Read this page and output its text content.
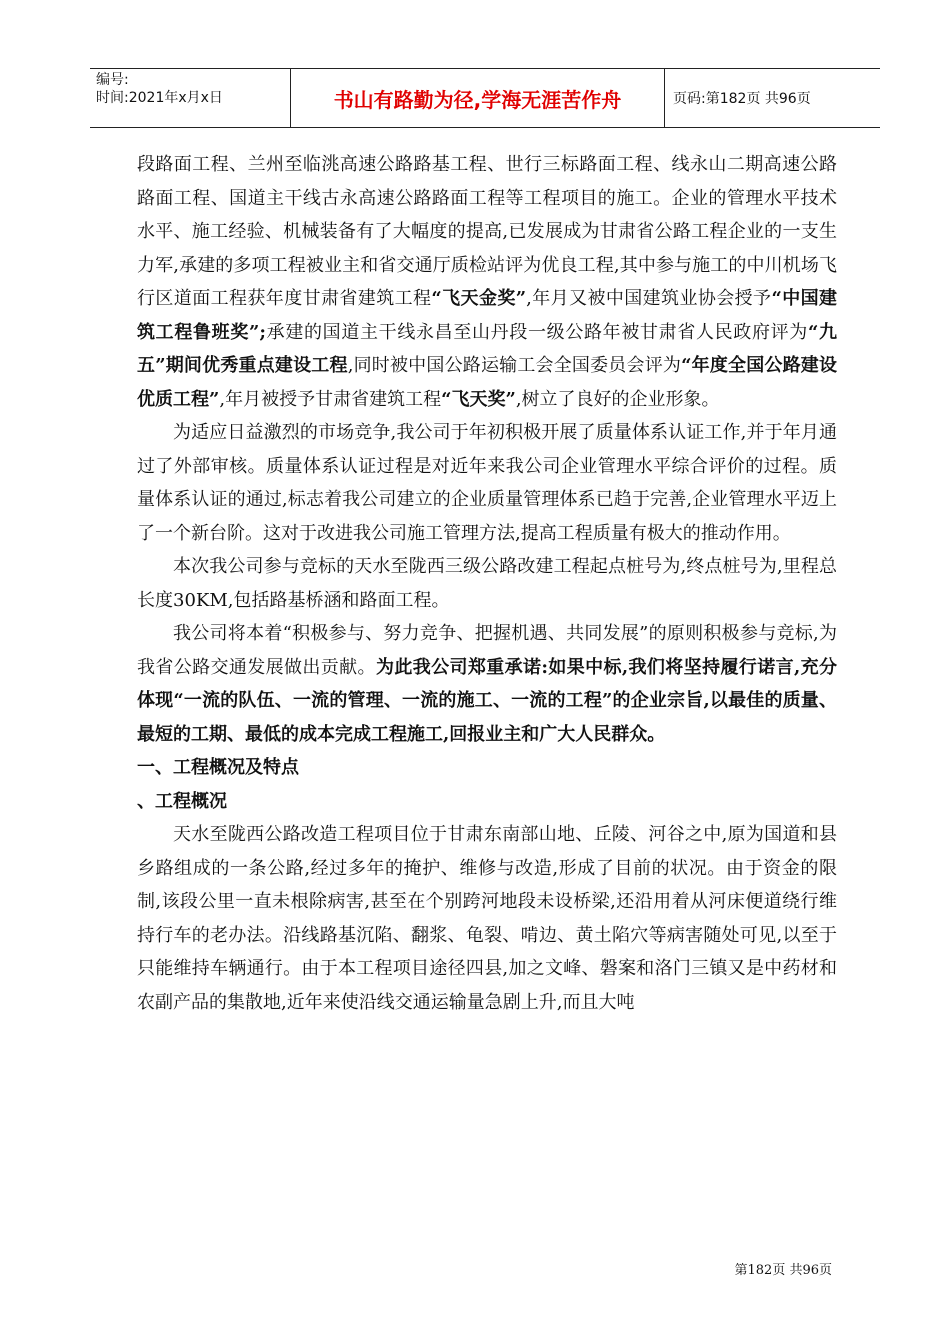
编号:
时间:2021年x月x日	书山有路勤为径,学海无涯苦作舟	页码:第182页 共96页

段路面工程、兰州至临洮高速公路路基工程、世行三标路面工程、线永山二期高速公路路面工程、国道主干线古永高速公路路面工程等工程项目的施工。企业的管理水平技术水平、施工经验、机械装备有了大幅度的提高,已发展成为甘肃省公路工程企业的一支生力军,承建的多项工程被业主和省交通厅质检站评为优良工程,其中参与施工的中川机场飞行区道面工程获年度甘肃省建筑工程“飞天金奖”,年月又被中国建筑业协会授予“中国建筑工程鲁班奖”;承建的国道主干线永昌至山丹段一级公路年被甘肃省人民政府评为“九五”期间优秀重点建设工程,同时被中国公路运输工会全国委员会评为“年度全国公路建设优质工程”,年月被授予甘肃省建筑工程“飞天奖”,树立了良好的企业形象。

为适应日益激烈的市场竞争,我公司于年初积极开展了质量体系认证工作,并于年月通过了外部审核。质量体系认证过程是对近年来我公司企业管理水平综合评价的过程。质量体系认证的通过,标志着我公司建立的企业质量管理体系已趋于完善,企业管理水平迈上了一个新台阶。这对于改进我公司施工管理方法,提高工程质量有极大的推动作用。

本次我公司参与竞标的天水至陇西三级公路改建工程起点桩号为,终点桩号为,里程总长度30KM,包括路基桥涵和路面工程。

我公司将本着“积极参与、努力竞争、把握机遇、共同发展”的原则积极参与竞标,为我省公路交通发展做出贡献。为此我公司郑重承诺:如果中标,我们将坚持履行诺言,充分体现“一流的队伍、一流的管理、一流的施工、一流的工程”的企业宗旨,以最佳的质量、最短的工期、最低的成本完成工程施工,回报业主和广大人民群众。

一、工程概况及特点

、工程概况

天水至陇西公路改造工程项目位于甘肃东南部山地、丘陵、河谷之中,原为国道和县乡路组成的一条公路,经过多年的掩护、维修与改造,形成了目前的状况。由于资金的限制,该段公里一直未根除病害,甚至在个别跨河地段未设桥梁,还沿用着从河床便道绕行维持行车的老办法。沿线路基沉陷、翻浆、龟裂、啃边、黄土陷穴等病害随处可见,以至于只能维持车辆通行。由于本工程项目途径四县,加之文峰、磐案和洛门三镇又是中药材和农副产品的集散地,近年来使沿线交通运输量急剧上升,而且大吨

第182页 共96页
